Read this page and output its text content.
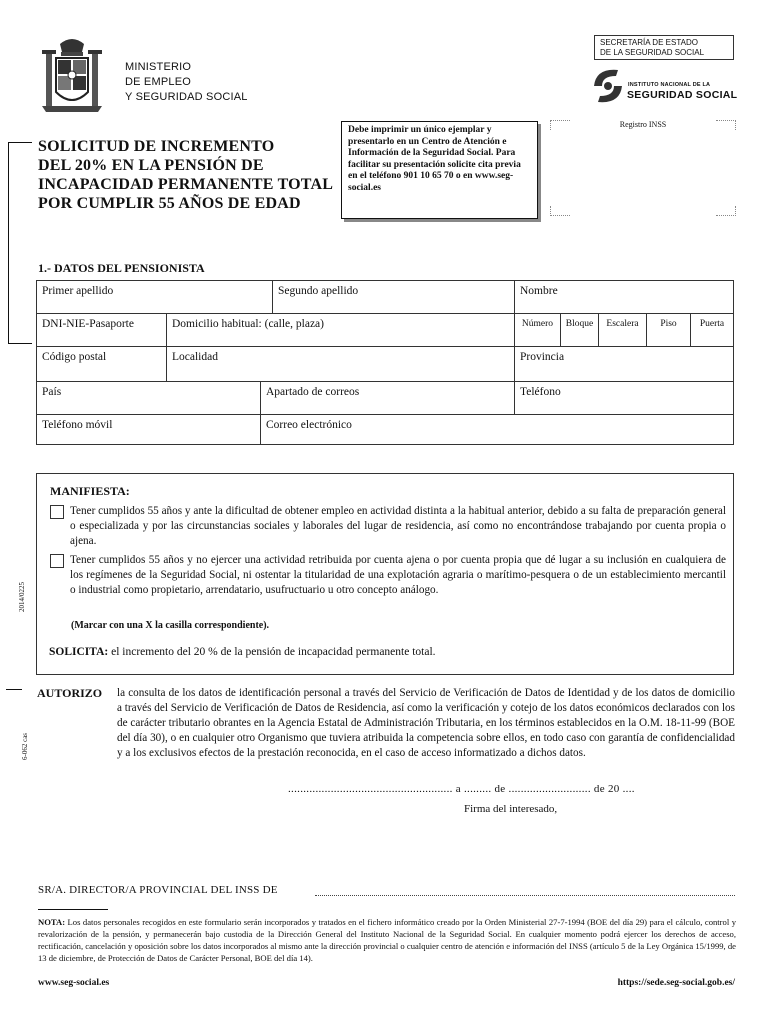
MINISTERIO
DE EMPLEO
Y SEGURIDAD SOCIAL
SECRETARÍA DE ESTADO
DE LA SEGURIDAD SOCIAL
INSTITUTO NACIONAL DE LA
SEGURIDAD SOCIAL
SOLICITUD DE INCREMENTO
DEL 20% EN LA PENSIÓN DE
INCAPACIDAD PERMANENTE TOTAL
POR CUMPLIR 55 AÑOS DE EDAD
Debe imprimir un único ejemplar y presentarlo en un Centro de Atención e Información de la Seguridad Social. Para facilitar su presentación solicite cita previa en el teléfono 901 10 65 70 o en www.seg-social.es
Registro INSS
1.- DATOS DEL PENSIONISTA
Primer apellido	Segundo apellido	Nombre
DNI-NIE-Pasaporte	Domicilio habitual: (calle, plaza)	Número	Bloque	Escalera	Piso	Puerta
Código postal	Localidad	Provincia
País	Apartado de correos	Teléfono
Teléfono móvil	Correo electrónico
MANIFIESTA:
Tener cumplidos 55 años y ante la dificultad de obtener empleo en actividad distinta a la habitual anterior, debido a su falta de preparación general o especializada y por las circunstancias sociales y laborales del lugar de residencia, así como no encontrándose trabajando por cuenta propia o ajena.
Tener cumplidos 55 años y no ejercer una actividad retribuida por cuenta ajena o por cuenta propia que dé lugar a su inclusión en cualquiera de los regímenes de la Seguridad Social, ni ostentar la titularidad de una explotación agraria o marítimo-pesquera o de un establecimiento mercantil o industrial como propietario, arrendatario, usufructuario u otro concepto análogo.
(Marcar con una X la casilla correspondiente).
SOLICITA: el incremento del 20 % de la pensión de incapacidad permanente total.
2014/0225
6-062 cas
AUTORIZO la consulta de los datos de identificación personal a través del Servicio de Verificación de Datos de Identidad y de los datos de domicilio a través del Servicio de Verificación de Datos de Residencia, así como la verificación y cotejo de los datos económicos declarados con los de carácter tributario obrantes en la Agencia Estatal de Administración Tributaria, en los términos establecidos en la O.M. 18-11-99 (BOE del día 30), o en cualquier otro Organismo que tuviera atribuida la competencia sobre ellos, en todo caso con garantía de confidencialidad y a los exclusivos efectos de la prestación reconocida, en el caso de acceso informatizado a dichos datos.
...................................................... a ......... de ........................... de 20 ....
Firma del interesado,
SR/A. DIRECTOR/A PROVINCIAL DEL INSS DE
NOTA: Los datos personales recogidos en este formulario serán incorporados y tratados en el fichero informático creado por la Orden Ministerial 27-7-1994 (BOE del día 29) para el cálculo, control y revalorización de la pensión, y permanecerán bajo custodia de la Dirección General del Instituto Nacional de la Seguridad Social. En cualquier momento podrá ejercer los derechos de acceso, rectificación, cancelación y oposición sobre los datos incorporados al mismo ante la dirección provincial o cualquier centro de atención e información del INSS (artículo 5 de la Ley Orgánica 15/1999, de 13 de diciembre, de Protección de Datos de Carácter Personal, BOE del día 14).
www.seg-social.es	https://sede.seg-social.gob.es/
